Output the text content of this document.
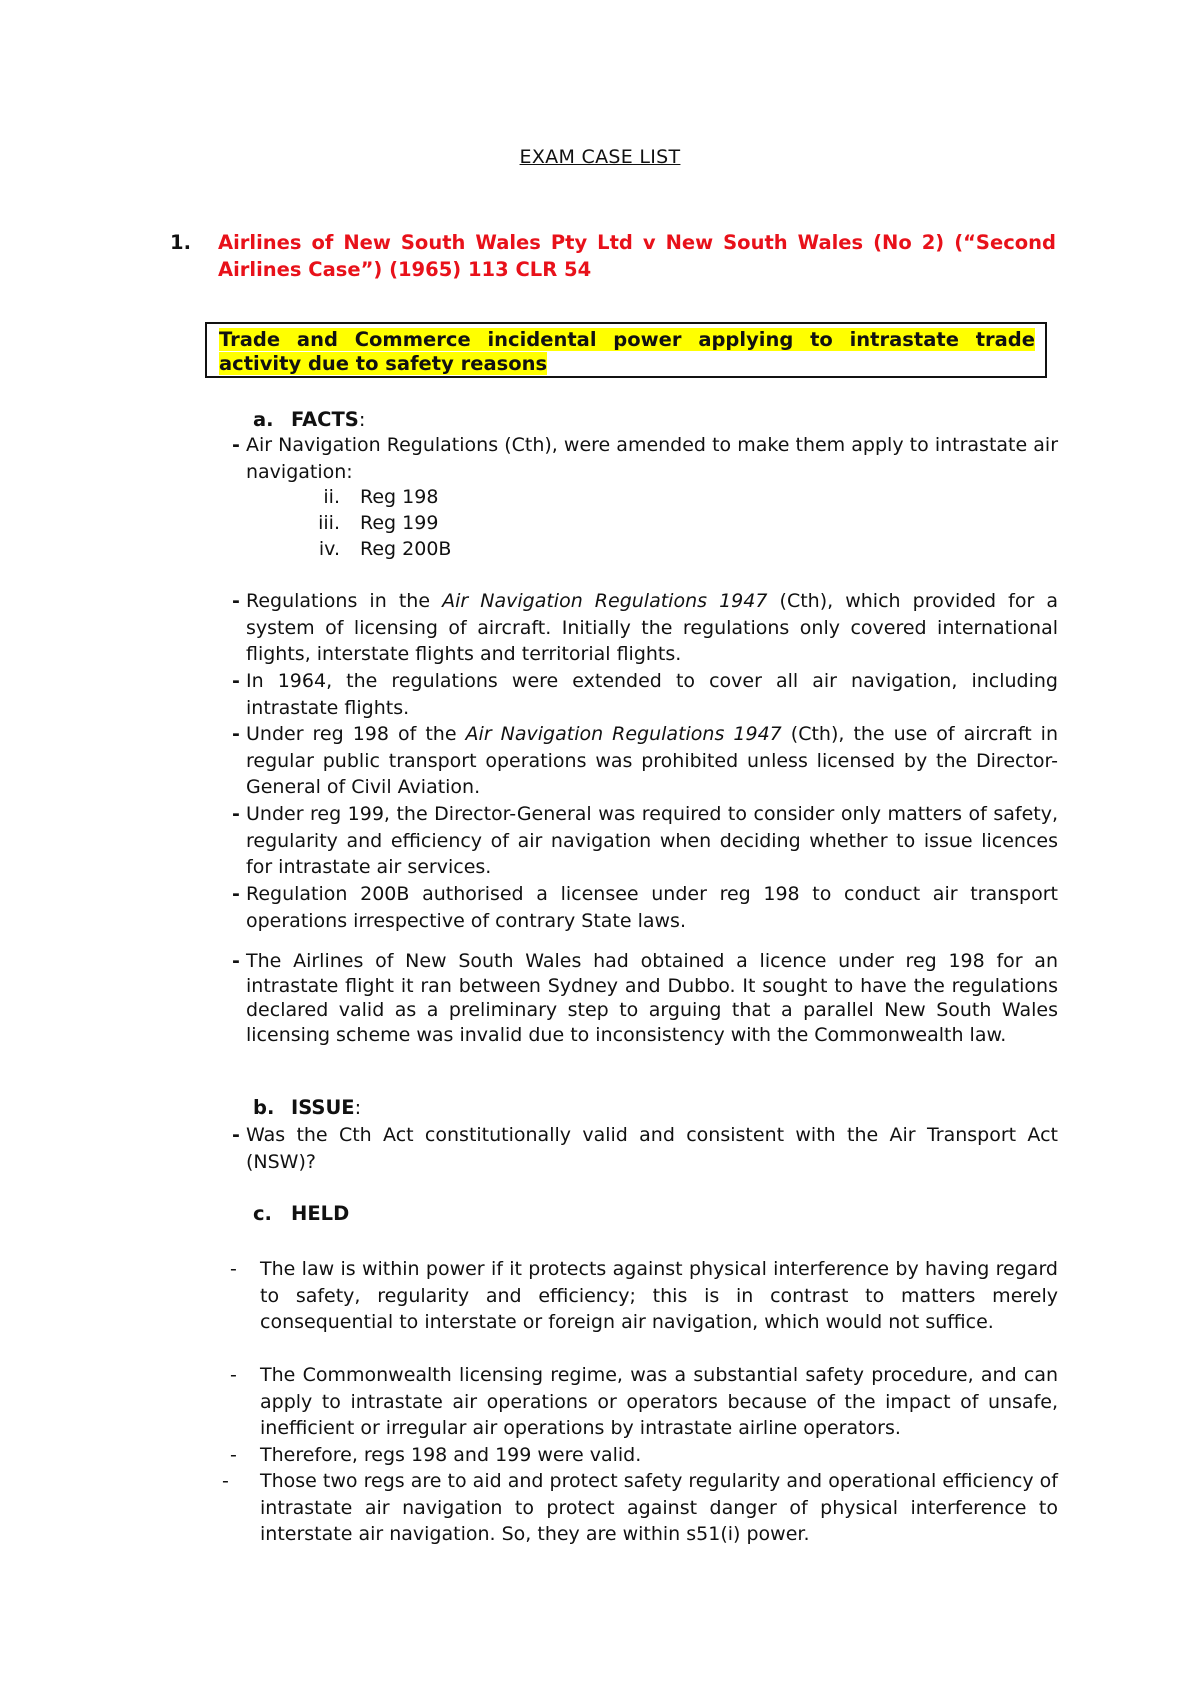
EXAM CASE LIST
1. Airlines of New South Wales Pty Ltd v New South Wales (No 2) (“Second Airlines Case”) (1965) 113 CLR 54
Trade and Commerce incidental power applying to intrastate trade activity due to safety reasons
a. FACTS:
- Air Navigation Regulations (Cth), were amended to make them apply to intrastate air navigation:
ii. Reg 198
iii. Reg 199
iv. Reg 200B
- Regulations in the Air Navigation Regulations 1947 (Cth), which provided for a system of licensing of aircraft. Initially the regulations only covered international flights, interstate flights and territorial flights.
- In 1964, the regulations were extended to cover all air navigation, including intrastate flights.
- Under reg 198 of the Air Navigation Regulations 1947 (Cth), the use of aircraft in regular public transport operations was prohibited unless licensed by the Director-General of Civil Aviation.
- Under reg 199, the Director-General was required to consider only matters of safety, regularity and efficiency of air navigation when deciding whether to issue licences for intrastate air services.
- Regulation 200B authorised a licensee under reg 198 to conduct air transport operations irrespective of contrary State laws.
- The Airlines of New South Wales had obtained a licence under reg 198 for an intrastate flight it ran between Sydney and Dubbo. It sought to have the regulations declared valid as a preliminary step to arguing that a parallel New South Wales licensing scheme was invalid due to inconsistency with the Commonwealth law.
b. ISSUE:
- Was the Cth Act constitutionally valid and consistent with the Air Transport Act (NSW)?
c. HELD
- The law is within power if it protects against physical interference by having regard to safety, regularity and efficiency; this is in contrast to matters merely consequential to interstate or foreign air navigation, which would not suffice.
- The Commonwealth licensing regime, was a substantial safety procedure, and can apply to intrastate air operations or operators because of the impact of unsafe, inefficient or irregular air operations by intrastate airline operators.
- Therefore, regs 198 and 199 were valid.
- Those two regs are to aid and protect safety regularity and operational efficiency of intrastate air navigation to protect against danger of physical interference to interstate air navigation. So, they are within s51(i) power.
